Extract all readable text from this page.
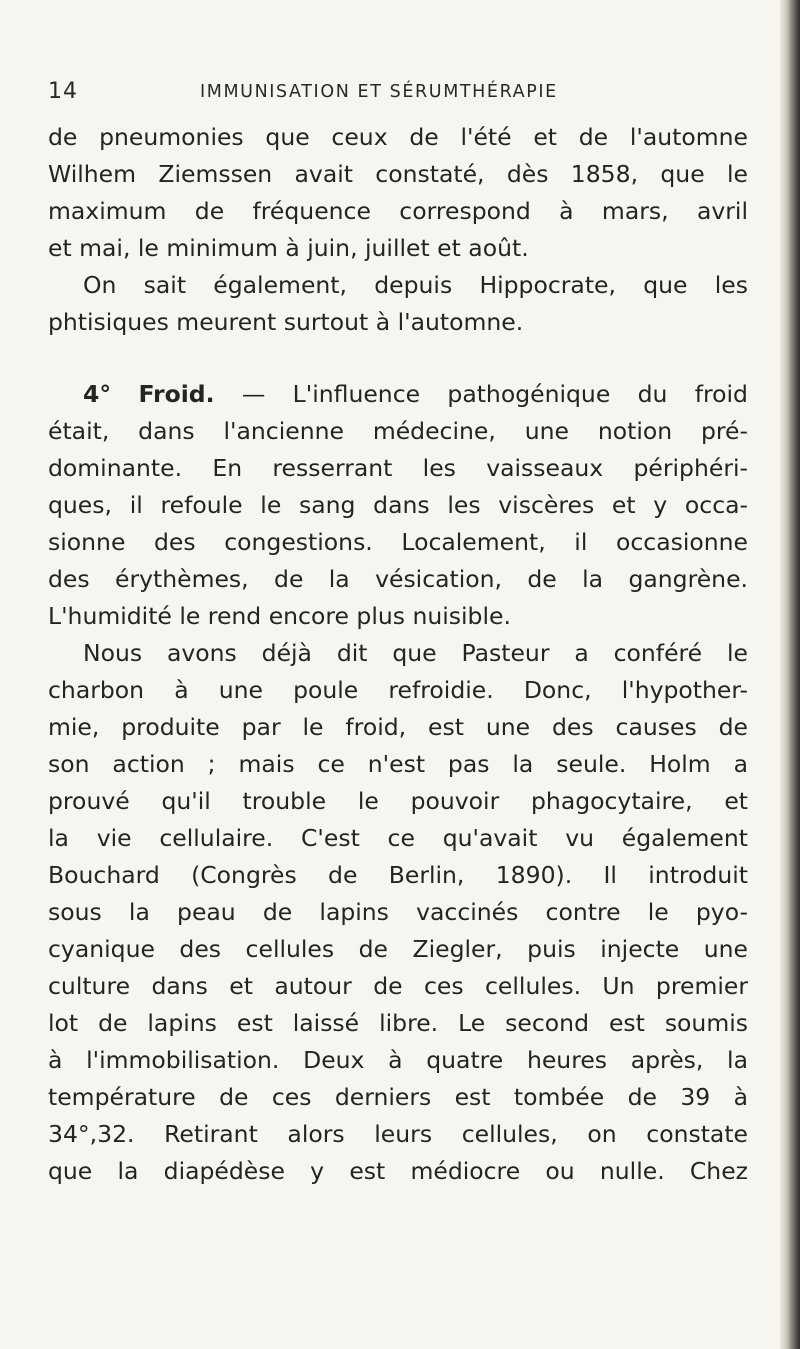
14	IMMUNISATION ET SÉRUMTHÉRAPIE
de pneumonies que ceux de l'été et de l'automne
Wilhem Ziemssen avait constaté, dès 1858, que le
maximum de fréquence correspond à mars, avril
et mai, le minimum à juin, juillet et août.
On sait également, depuis Hippocrate, que les
phtisiques meurent surtout à l'automne.
4° Froid. — L'influence pathogénique du froid
était, dans l'ancienne médecine, une notion pré-
dominante. En resserrant les vaisseaux périphéri-
ques, il refoule le sang dans les viscères et y occa-
sionne des congestions. Localement, il occasionne
des érythèmes, de la vésication, de la gangrène.
L'humidité le rend encore plus nuisible.
Nous avons déjà dit que Pasteur a conféré le
charbon à une poule refroidie. Donc, l'hypother-
mie, produite par le froid, est une des causes de
son action ; mais ce n'est pas la seule. Holm a
prouvé qu'il trouble le pouvoir phagocytaire, et
la vie cellulaire. C'est ce qu'avait vu également
Bouchard (Congrès de Berlin, 1890). Il introduit
sous la peau de lapins vaccinés contre le pyo-
cyanique des cellules de Ziegler, puis injecte une
culture dans et autour de ces cellules. Un premier
lot de lapins est laissé libre. Le second est soumis
à l'immobilisation. Deux à quatre heures après, la
température de ces derniers est tombée de 39 à
34°,32. Retirant alors leurs cellules, on constate
que la diapédèse y est médiocre ou nulle. Chez
